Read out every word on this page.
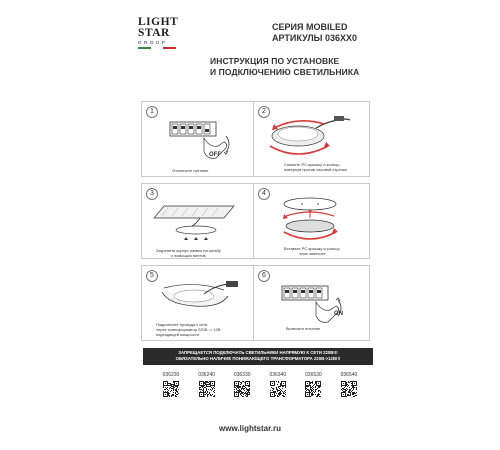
LIGHT
STAR
GROUP
СЕРИЯ MOBILED
АРТИКУЛЫ 036XX0
ИНСТРУКЦИЯ ПО УСТАНОВКЕ
И ПОДКЛЮЧЕНИЮ СВЕТИЛЬНИКА
1
Отключите питание
OFF
2
Снимите PC-крышку и кольцо,
повернув против часовой стрелки
3
Закрепите корпус лампы на шнабу
с помощью винтов
4
Вставьте PC-крышку и кольцо,
алок запечите
5
Подключите провода к сети
через трансформатор 220В -> 12В
подходящей мощности
6
Включите питание
ON
ЗАПРЕЩАЕТСЯ ПОДКЛЮЧАТЬ СВЕТИЛЬНИКИ НАПРЯМУЮ К СЕТИ 220В!!!
ОБЯЗАТЕЛЬНО НАЛИЧИЕ ПОНИЖАЮЩЕГО ТРАНСФОРМАТОРА 220В->12В!!!
036230	036240	036330	036340	036530	036540
www.lightstar.ru
